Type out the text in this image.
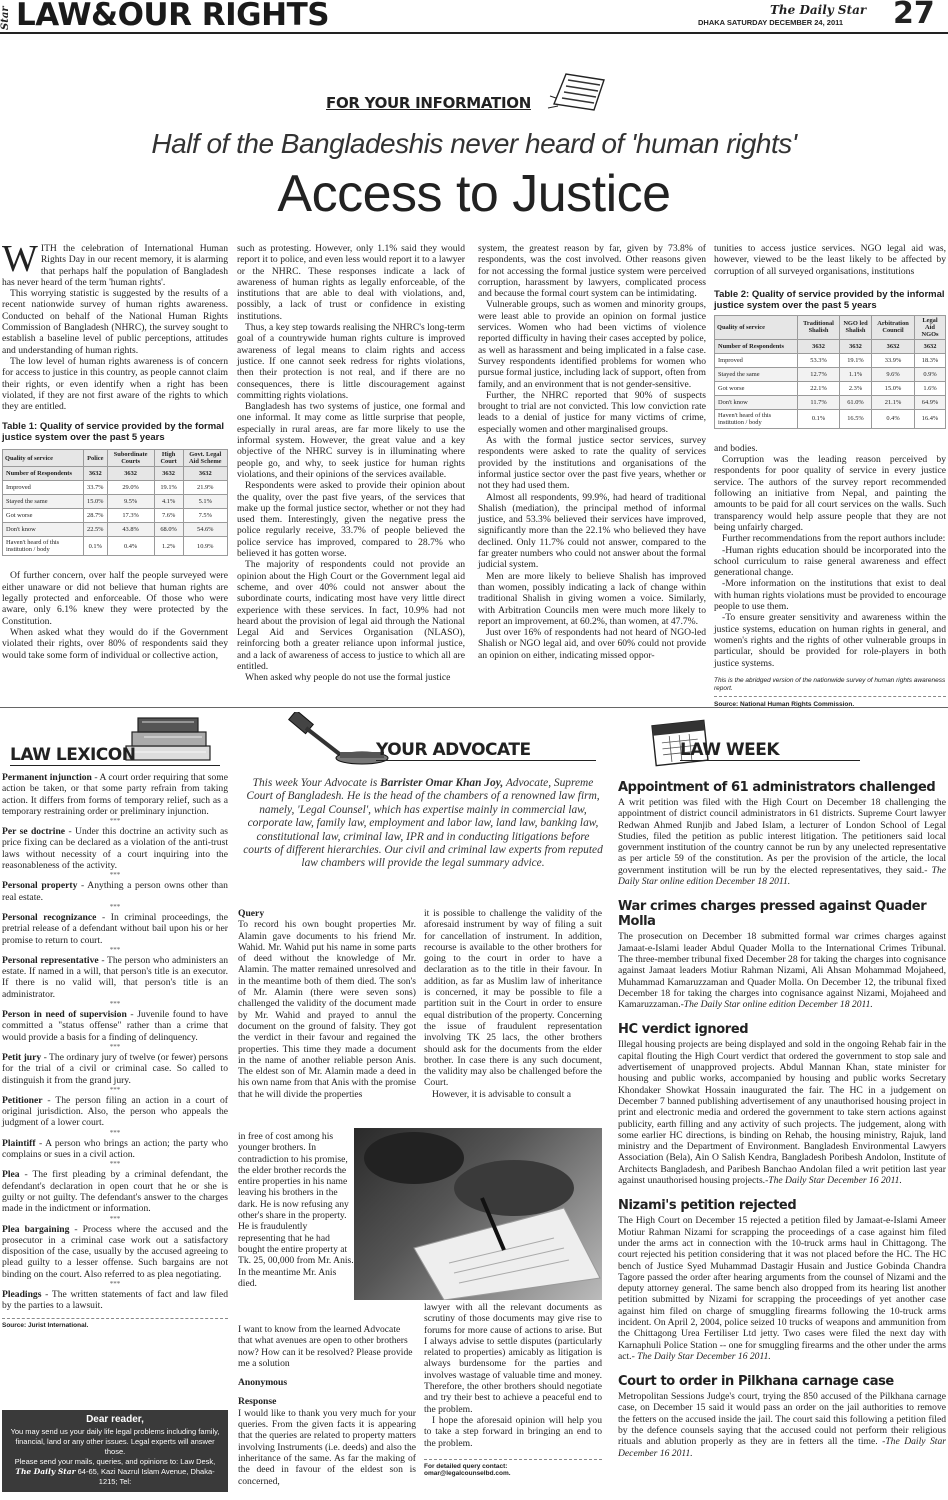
Star LAW&OUR RIGHTS	The Daily Star
DHAKA SATURDAY DECEMBER 24, 2011 27
FOR YOUR INFORMATION
Half of the Bangladeshis never heard of 'human rights'
Access to Justice

WITH the celebration of International Human Rights Day in our recent memory, it is alarming that perhaps half the population of Bangladesh has never heard of the term 'human rights'.

This worrying statistic is suggested by the results of a recent nationwide survey of human rights awareness. Conducted on behalf of the National Human Rights Commission of Bangladesh (NHRC), the survey sought to establish a baseline level of public perceptions, attitudes and understanding of human rights.

The low level of human rights awareness is of concern for access to justice in this country, as people cannot claim their rights, or even identify when a right has been violated, if they are not first aware of the rights to which they are entitled.

Table 1: Quality of service provided by the formal justice system over the past 5 years
Quality of service	Police	Subordinate Courts	High Court	Govt. Legal Aid Scheme
Number of Respondents	3632	3632	3632	3632
Improved	33.7%	29.0%	19.1%	21.9%
Stayed the same	15.0%	9.5%	4.1%	5.1%
Got worse	28.7%	17.3%	7.6%	7.5%
Don't know	22.5%	43.8%	68.0%	54.6%
Haven't heard of this institution / body	0.1%	0.4%	1.2%	10.9%

Of further concern, over half the people surveyed were either unaware or did not believe that human rights are legally protected and enforceable. Of those who were aware, only 6.1% knew they were protected by the Constitution.

When asked what they would do if the Government violated their rights, over 80% of respondents said they would take some form of individual or collective action,

such as protesting. However, only 1.1% said they would report it to police, and even less would report it to a lawyer or the NHRC. These responses indicate a lack of awareness of human rights as legally enforceable, of the institutions that are able to deal with violations, and, possibly, a lack of trust or confidence in existing institutions.

Thus, a key step towards realising the NHRC's long-term goal of a countrywide human rights culture is improved awareness of legal means to claim rights and access justice. If one cannot seek redress for rights violations, then their protection is not real, and if there are no consequences, there is little discouragement against committing rights violations.

Bangladesh has two systems of justice, one formal and one informal. It may come as little surprise that people, especially in rural areas, are far more likely to use the informal system. However, the great value and a key objective of the NHRC survey is in illuminating where people go, and why, to seek justice for human rights violations, and their opinions of the services available.

Respondents were asked to provide their opinion about the quality, over the past five years, of the services that make up the formal justice sector, whether or not they had used them. Interestingly, given the negative press the police regularly receive, 33.7% of people believed the police service has improved, compared to 28.7% who believed it has gotten worse.

The majority of respondents could not provide an opinion about the High Court or the Government legal aid scheme, and over 40% could not answer about the subordinate courts, indicating most have very little direct experience with these services. In fact, 10.9% had not heard about the provision of legal aid through the National Legal Aid and Services Organisation (NLASO), reinforcing both a greater reliance upon informal justice, and a lack of awareness of access to justice to which all are entitled.

When asked why people do not use the formal justice

system, the greatest reason by far, given by 73.8% of respondents, was the cost involved. Other reasons given for not accessing the formal justice system were perceived corruption, harassment by lawyers, complicated process and because the formal court system can be intimidating.

Vulnerable groups, such as women and minority groups, were least able to provide an opinion on formal justice services. Women who had been victims of violence reported difficulty in having their cases accepted by police, as well as harassment and being implicated in a false case. Survey respondents identified problems for women who pursue formal justice, including lack of support, often from family, and an environment that is not gender-sensitive.

Further, the NHRC reported that 90% of suspects brought to trial are not convicted. This low conviction rate leads to a denial of justice for many victims of crime, especially women and other marginalised groups.

As with the formal justice sector services, survey respondents were asked to rate the quality of services provided by the institutions and organisations of the informal justice sector over the past five years, whether or not they had used them.

Almost all respondents, 99.9%, had heard of traditional Shalish (mediation), the principal method of informal justice, and 53.3% believed their services have improved, significantly more than the 22.1% who believed they have declined. Only 11.7% could not answer, compared to the far greater numbers who could not answer about the formal judicial system.

Men are more likely to believe Shalish has improved than women, possibly indicating a lack of change within traditional Shalish in giving women a voice. Similarly, with Arbitration Councils men were much more likely to report an improvement, at 60.2%, than women, at 47.7%.

Just over 16% of respondents had not heard of NGO-led Shalish or NGO legal aid, and over 60% could not provide an opinion on either, indicating missed oppor-

tunities to access justice services. NGO legal aid was, however, viewed to be the least likely to be affected by corruption of all surveyed organisations, institutions

Table 2: Quality of service provided by the informal justice system over the past 5 years
Quality of service	Traditional Shalish	NGO led Shalish	Arbitration Council	Legal Aid NGOs
Number of Respondents	3632	3632	3632	3632
Improved	53.3%	19.1%	33.9%	18.3%
Stayed the same	12.7%	1.1%	9.6%	0.9%
Got worse	22.1%	2.3%	15.0%	1.6%
Don't know	11.7%	61.0%	21.1%	64.9%
Haven't heard of this institution / body	0.1%	16.5%	0.4%	16.4%

and bodies.

Corruption was the leading reason perceived by respondents for poor quality of service in every justice service. The authors of the survey report recommended following an initiative from Nepal, and painting the amounts to be paid for all court services on the walls. Such transparency would help assure people that they are not being unfairly charged.

Further recommendations from the report authors include:

-Human rights education should be incorporated into the school curriculum to raise general awareness and effect generational change.

-More information on the institutions that exist to deal with human rights violations must be provided to encourage people to use them.

-To ensure greater sensitivity and awareness within the justice systems, education on human rights in general, and women's rights and the rights of other vulnerable groups in particular, should be provided for role-players in both justice systems.

This is the abridged version of the nationwide survey of human rights awareness report.
Source: National Human Rights Commission.
LAW LEXICON

Permanent injunction - A court order requiring that some action be taken, or that some party refrain from taking action. It differs from forms of temporary relief, such as a temporary restraining order or preliminary injunction.

***

Per se doctrine - Under this doctrine an activity such as price fixing can be declared as a violation of the anti-trust laws without necessity of a court inquiring into the reasonableness of the activity.

***

Personal property - Anything a person owns other than real estate.

***

Personal recognizance - In criminal proceedings, the pretrial release of a defendant without bail upon his or her promise to return to court.

***

Personal representative - The person who administers an estate. If named in a will, that person's title is an executor. If there is no valid will, that person's title is an administrator.

***

Person in need of supervision - Juvenile found to have committed a "status offense" rather than a crime that would provide a basis for a finding of delinquency.

***

Petit jury - The ordinary jury of twelve (or fewer) persons for the trial of a civil or criminal case. So called to distinguish it from the grand jury.

***

Petitioner - The person filing an action in a court of original jurisdiction. Also, the person who appeals the judgment of a lower court.

***

Plaintiff - A person who brings an action; the party who complains or sues in a civil action.

***

Plea - The first pleading by a criminal defendant, the defendant's declaration in open court that he or she is guilty or not guilty. The defendant's answer to the charges made in the indictment or information.

***

Plea bargaining - Process where the accused and the prosecutor in a criminal case work out a satisfactory disposition of the case, usually by the accused agreeing to plead guilty to a lesser offense. Such bargains are not binding on the court. Also referred to as plea negotiating.

***

Pleadings - The written statements of fact and law filed by the parties to a lawsuit.

Source: Jurist International.
Dear reader,
You may send us your daily life legal problems including family, financial, land or any other issues. Legal experts will answer those.
Please send your mails, queries, and opinions to: Law Desk,
The Daily Star 64-65, Kazi Nazrul Islam Avenue, Dhaka-1215; Tel:
YOUR ADVOCATE
This week Your Advocate is Barrister Omar Khan Joy, Advocate, Supreme Court of Bangladesh. He is the head of the chambers of a renowned law firm, namely, 'Legal Counsel', which has expertise mainly in commercial law, corporate law, family law, employment and labor law, land law, banking law, constitutional law, criminal law, IPR and in conducting litigations before courts of different hierarchies. Our civil and criminal law experts from reputed law chambers will provide the legal summary advice.

Query

To record his own bought properties Mr. Alamin gave documents to his friend Mr. Wahid. Mr. Wahid put his name in some parts of deed without the knowledge of Mr. Alamin. The matter remained unresolved and in the meantime both of them died. The son's of Mr. Alamin (there were seven sons) challenged the validity of the document made by Mr. Wahid and prayed to annul the document on the ground of falsity. They got the verdict in their favour and regained the properties. This time they made a document in the name of another reliable person Anis. The eldest son of Mr. Alamin made a deed in his own name from that Anis with the promise that he will divide the properties

in free of cost among his younger brothers. In contradiction to his promise, the elder brother records the entire properties in his name leaving his brothers in the dark. He is now refusing any other's share in the property. He is fraudulently representing that he had bought the entire property at Tk. 25, 00,000 from Mr. Anis. In the meantime Mr. Anis died.

I want to know from the learned Advocate that what avenues are open to other brothers now? How can it be resolved? Please provide me a solution

Anonymous

Response

I would like to thank you very much for your queries. From the given facts it is appearing that the queries are related to property matters involving Instruments (i.e. deeds) and also the inheritance of the same. As far the making of the deed in favour of the eldest son is concerned,

it is possible to challenge the validity of the aforesaid instrument by way of filing a suit for cancellation of instrument. In addition, recourse is available to the other brothers for going to the court in order to have a declaration as to the title in their favour. In addition, as far as Muslim law of inheritance is concerned, it may be possible to file a partition suit in the Court in order to ensure equal distribution of the property. Concerning the issue of fraudulent representation involving TK 25 lacs, the other brothers should ask for the documents from the elder brother. In case there is any such document, the validity may also be challenged before the Court.

However, it is advisable to consult a

lawyer with all the relevant documents as scrutiny of those documents may give rise to forums for more cause of actions to arise. But I always advise to settle disputes (particularly related to properties) amicably as litigation is always burdensome for the parties and involves wastage of valuable time and money. Therefore, the other brothers should negotiate and try their best to achieve a peaceful end to the problem.

I hope the aforesaid opinion will help you to take a step forward in bringing an end to the problem.

For detailed query contact:
omar@legalcounselbd.com.
LAW WEEK
Appointment of 61 administrators challenged

A writ petition was filed with the High Court on December 18 challenging the appointment of district council administrators in 61 districts. Supreme Court lawyer Redwan Ahmed Runjib and Jabed Islam, a lecturer of London School of Legal Studies, filed the petition as public interest litigation. The petitioners said local government institution of the country cannot be run by any unelected representative as per article 59 of the constitution. As per the provision of the article, the local government institution will be run by the elected representatives, they said.- The Daily Star online edition December 18 2011.

War crimes charges pressed against Quader Molla

The prosecution on December 18 submitted formal war crimes charges against Jamaat-e-Islami leader Abdul Quader Molla to the International Crimes Tribunal. The three-member tribunal fixed December 28 for taking the charges into cognisance against Jamaat leaders Motiur Rahman Nizami, Ali Ahsan Mohammad Mojaheed, Muhammad Kamaruzzaman and Quader Molla. On December 12, the tribunal fixed December 18 for taking the charges into cognisance against Nizami, Mojaheed and Kamaruzzaman.-The Daily Star online edition December 18 2011.

HC verdict ignored

Illegal housing projects are being displayed and sold in the ongoing Rehab fair in the capital flouting the High Court verdict that ordered the government to stop sale and advertisement of unapproved projects. Abdul Mannan Khan, state minister for housing and public works, accompanied by housing and public works Secretary Khondaker Showkat Hossain inaugurated the fair. The HC in a judgement on December 7 banned publishing advertisement of any unauthorised housing project in print and electronic media and ordered the government to take stern actions against publicity, earth filling and any activity of such projects. The judgement, along with some earlier HC directions, is binding on Rehab, the housing ministry, Rajuk, land ministry and the Department of Environment. Bangladesh Environmental Lawyers Association (Bela), Ain O Salish Kendra, Bangladesh Poribesh Andolon, Institute of Architects Bangladesh, and Paribesh Banchao Andolan filed a writ petition last year against unauthorised housing projects.-The Daily Star December 16 2011.

Nizami's petition rejected

The High Court on December 15 rejected a petition filed by Jamaat-e-Islami Ameer Motiur Rahman Nizami for scrapping the proceedings of a case against him filed under the arms act in connection with the 10-truck arms haul in Chittagong. The court rejected his petition considering that it was not placed before the HC. The HC bench of Justice Syed Muhammad Dastagir Husain and Justice Gobinda Chandra Tagore passed the order after hearing arguments from the counsel of Nizami and the deputy attorney general. The same bench also dropped from its hearing list another petition submitted by Nizami for scrapping the proceedings of yet another case against him filed on charge of smuggling firearms following the 10-truck arms incident. On April 2, 2004, police seized 10 trucks of weapons and ammunition from the Chittagong Urea Fertiliser Ltd jetty. Two cases were filed the next day with Karnaphuli Police Station -- one for smuggling firearms and the other under the arms act.- The Daily Star December 16 2011.

Court to order in Pilkhana carnage case

Metropolitan Sessions Judge's court, trying the 850 accused of the Pilkhana carnage case, on December 15 said it would pass an order on the jail authorities to remove the fetters on the accused inside the jail. The court said this following a petition filed by the defence counsels saying that the accused could not perform their religious rituals and ablution properly as they are in fetters all the time. -The Daily Star December 16 2011.
